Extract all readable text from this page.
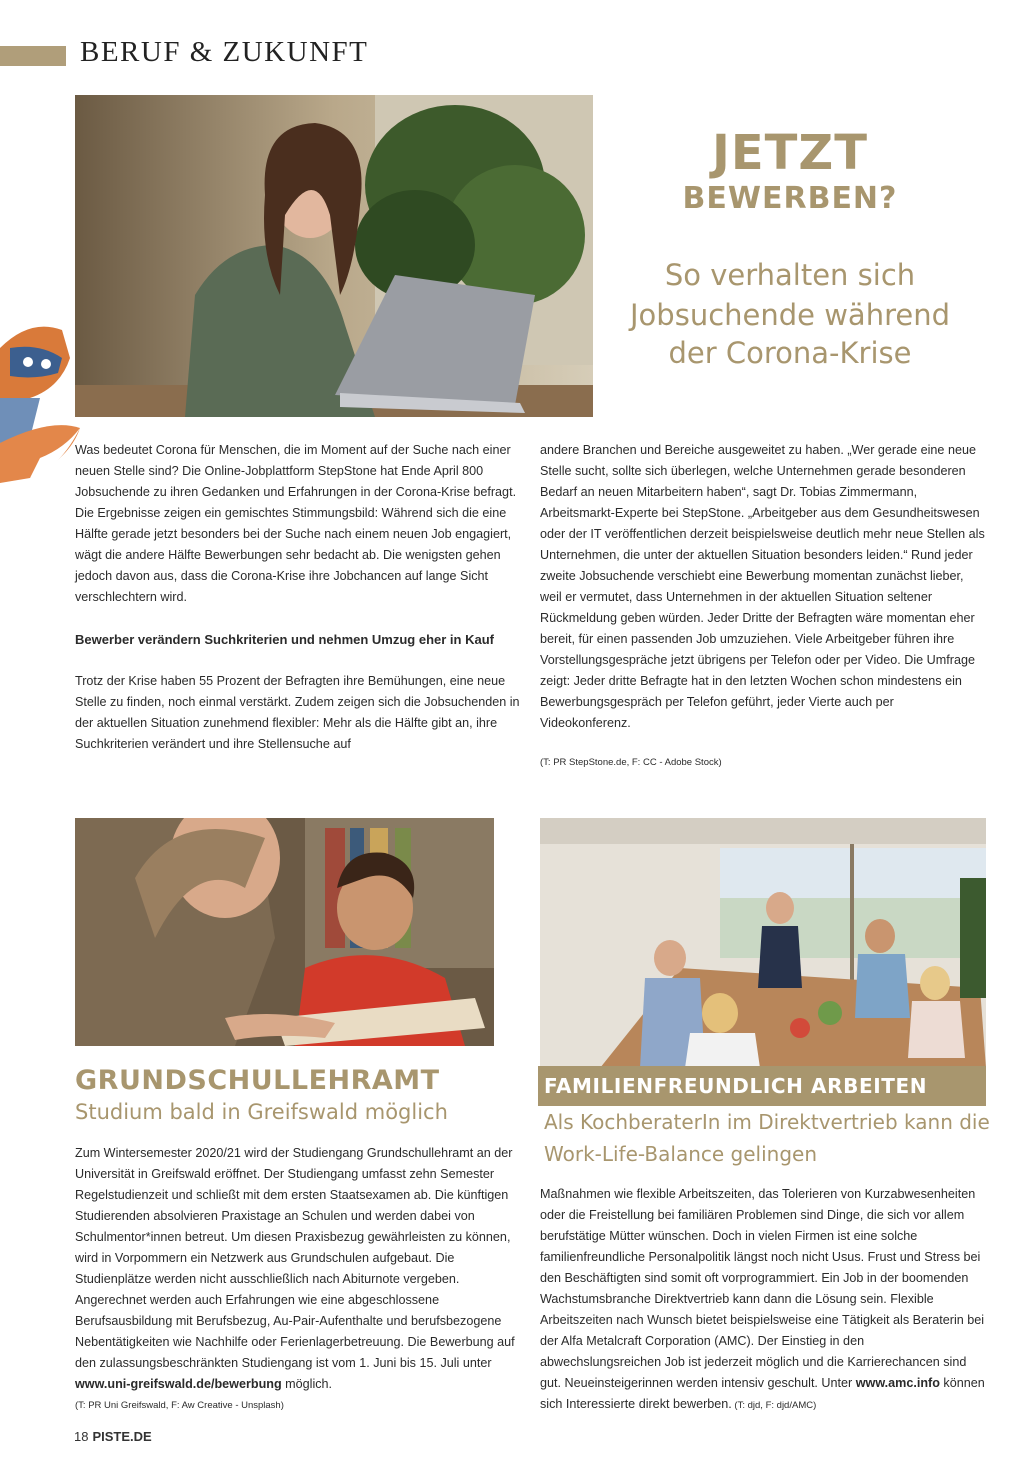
BERUF & ZUKUNFT
JETZT
BEWERBEN?
So verhalten sich
Jobsuchende während
der Corona-Krise

Was bedeutet Corona für Menschen, die im Moment auf der Suche nach einer neuen Stelle sind? Die Online-Jobplattform StepStone hat Ende April 800 Jobsuchende zu ihren Gedanken und Erfahrungen in der Corona-Krise befragt. Die Ergebnisse zeigen ein gemischtes Stimmungsbild: Während sich die eine Hälfte gerade jetzt besonders bei der Suche nach einem neuen Job engagiert, wägt die andere Hälfte Bewerbungen sehr bedacht ab. Die wenigsten gehen jedoch davon aus, dass die Corona-Krise ihre Jobchancen auf lange Sicht verschlechtern wird.

Bewerber verändern Suchkriterien und nehmen Umzug eher in Kauf

Trotz der Krise haben 55 Prozent der Befragten ihre Bemühungen, eine neue Stelle zu finden, noch einmal verstärkt. Zudem zeigen sich die Jobsuchenden in der aktuellen Situation zunehmend flexibler: Mehr als die Hälfte gibt an, ihre Suchkriterien verändert und ihre Stellensuche auf

andere Branchen und Bereiche ausgeweitet zu haben. „Wer gerade eine neue Stelle sucht, sollte sich überlegen, welche Unternehmen gerade besonderen Bedarf an neuen Mitarbeitern haben“, sagt Dr. Tobias Zimmermann, Arbeitsmarkt-Experte bei StepStone. „Arbeitgeber aus dem Gesundheitswesen oder der IT veröffentlichen derzeit beispielsweise deutlich mehr neue Stellen als Unternehmen, die unter der aktuellen Situation besonders leiden.“ Rund jeder zweite Jobsuchende verschiebt eine Bewerbung momentan zunächst lieber, weil er vermutet, dass Unternehmen in der aktuellen Situation seltener Rückmeldung geben würden. Jeder Dritte der Befragten wäre momentan eher bereit, für einen passenden Job umzuziehen. Viele Arbeitgeber führen ihre Vorstellungsgespräche jetzt übrigens per Telefon oder per Video. Die Umfrage zeigt: Jeder dritte Befragte hat in den letzten Wochen schon mindestens ein Bewerbungsgespräch per Telefon geführt, jeder Vierte auch per Videokonferenz.

(T: PR StepStone.de, F: CC - Adobe Stock)
GRUNDSCHULLEHRAMT
Studium bald in Greifswald möglich

Zum Wintersemester 2020/21 wird der Studiengang Grundschullehramt an der Universität in Greifswald eröffnet. Der Studiengang umfasst zehn Semester Regelstudienzeit und schließt mit dem ersten Staatsexamen ab. Die künftigen Studierenden absolvieren Praxistage an Schulen und werden dabei von Schulmentor*innen betreut. Um diesen Praxisbezug gewährleisten zu können, wird in Vorpommern ein Netzwerk aus Grundschulen aufgebaut. Die Studienplätze werden nicht ausschließlich nach Abiturnote vergeben. Angerechnet werden auch Erfahrungen wie eine abgeschlossene Berufsausbildung mit Berufsbezug, Au-Pair-Aufenthalte und berufsbezogene Nebentätigkeiten wie Nachhilfe oder Ferienlagerbetreuung. Die Bewerbung auf den zulassungsbeschränkten Studiengang ist vom 1. Juni bis 15. Juli unter www.uni-greifswald.de/bewerbung möglich.

(T: PR Uni Greifswald, F: Aw Creative - Unsplash)
FAMILIENFREUNDLICH ARBEITEN
Als KochberaterIn im Direktvertrieb kann die
Work-Life-Balance gelingen

Maßnahmen wie flexible Arbeitszeiten, das Tolerieren von Kurzabwesenheiten oder die Freistellung bei familiären Problemen sind Dinge, die sich vor allem berufstätige Mütter wünschen. Doch in vielen Firmen ist eine solche familienfreundliche Personalpolitik längst noch nicht Usus. Frust und Stress bei den Beschäftigten sind somit oft vorprogrammiert. Ein Job in der boomenden Wachstumsbranche Direktvertrieb kann dann die Lösung sein. Flexible Arbeitszeiten nach Wunsch bietet beispielsweise eine Tätigkeit als Beraterin bei der Alfa Metalcraft Corporation (AMC). Der Einstieg in den abwechslungsreichen Job ist jederzeit möglich und die Karrierechancen sind gut. Neueinsteigerinnen werden intensiv geschult. Unter www.amc.info können sich Interessierte direkt bewerben. (T: djd, F: djd/AMC)

18 PISTE.DE
